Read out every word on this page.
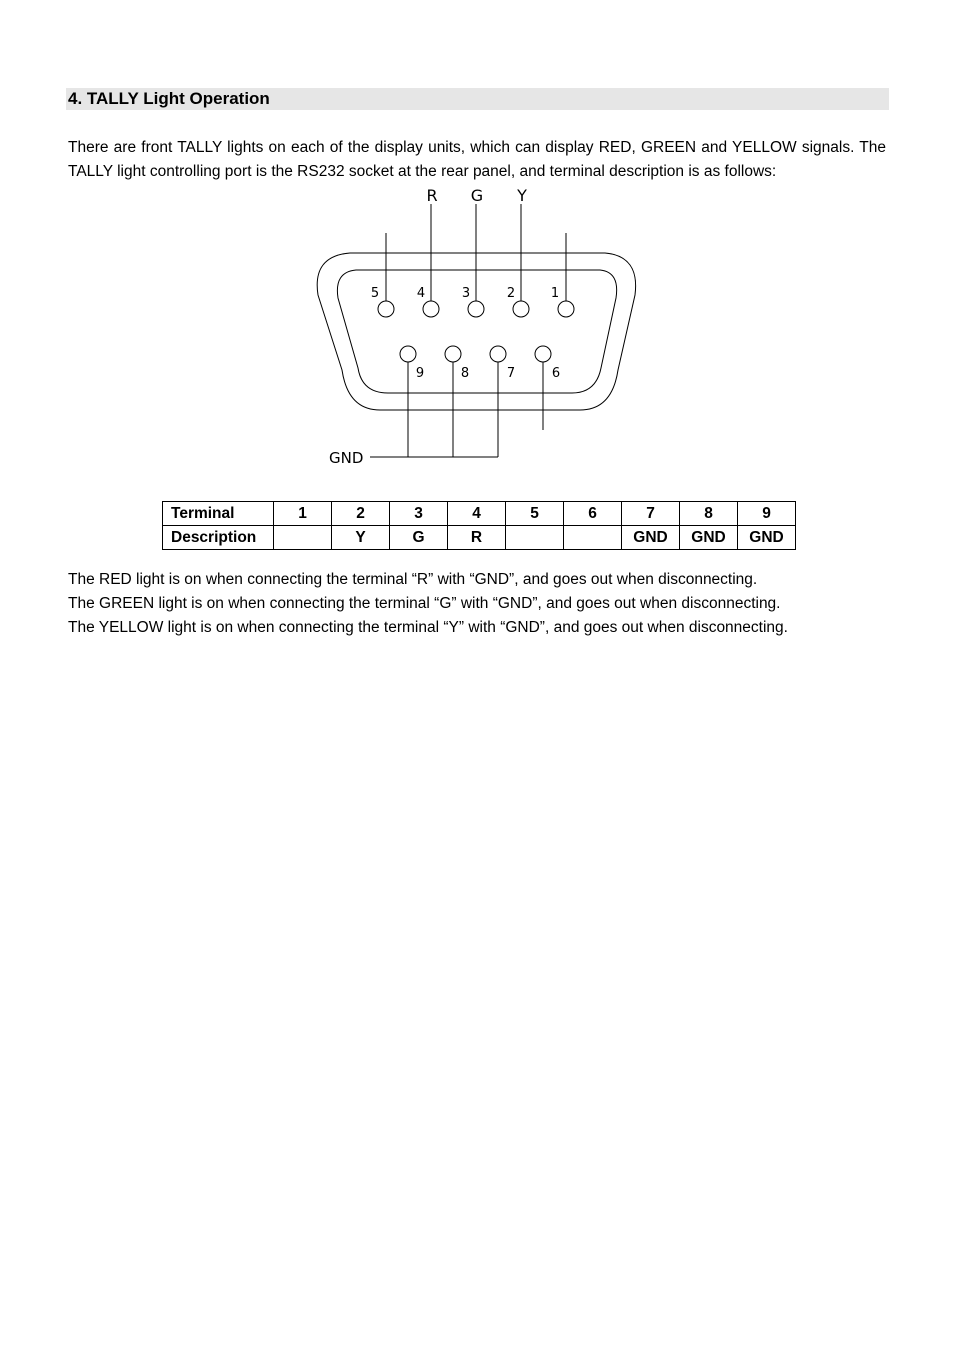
4. TALLY Light Operation

There are front TALLY lights on each of the display units, which can display RED, GREEN and YELLOW signals. The TALLY light controlling port is the RS232 socket at the rear panel, and terminal description is as follows:

R G Y
5	4	3	2	1
9	8	7	6
GND
Terminal	1	2	3	4	5	6	7	8	9
Description		Y	G	R			GND	GND	GND

The RED light is on when connecting the terminal “R” with “GND”, and goes out when disconnecting.

The GREEN light is on when connecting the terminal “G” with “GND”, and goes out when disconnecting.

The YELLOW light is on when connecting the terminal “Y” with “GND”, and goes out when disconnecting.
